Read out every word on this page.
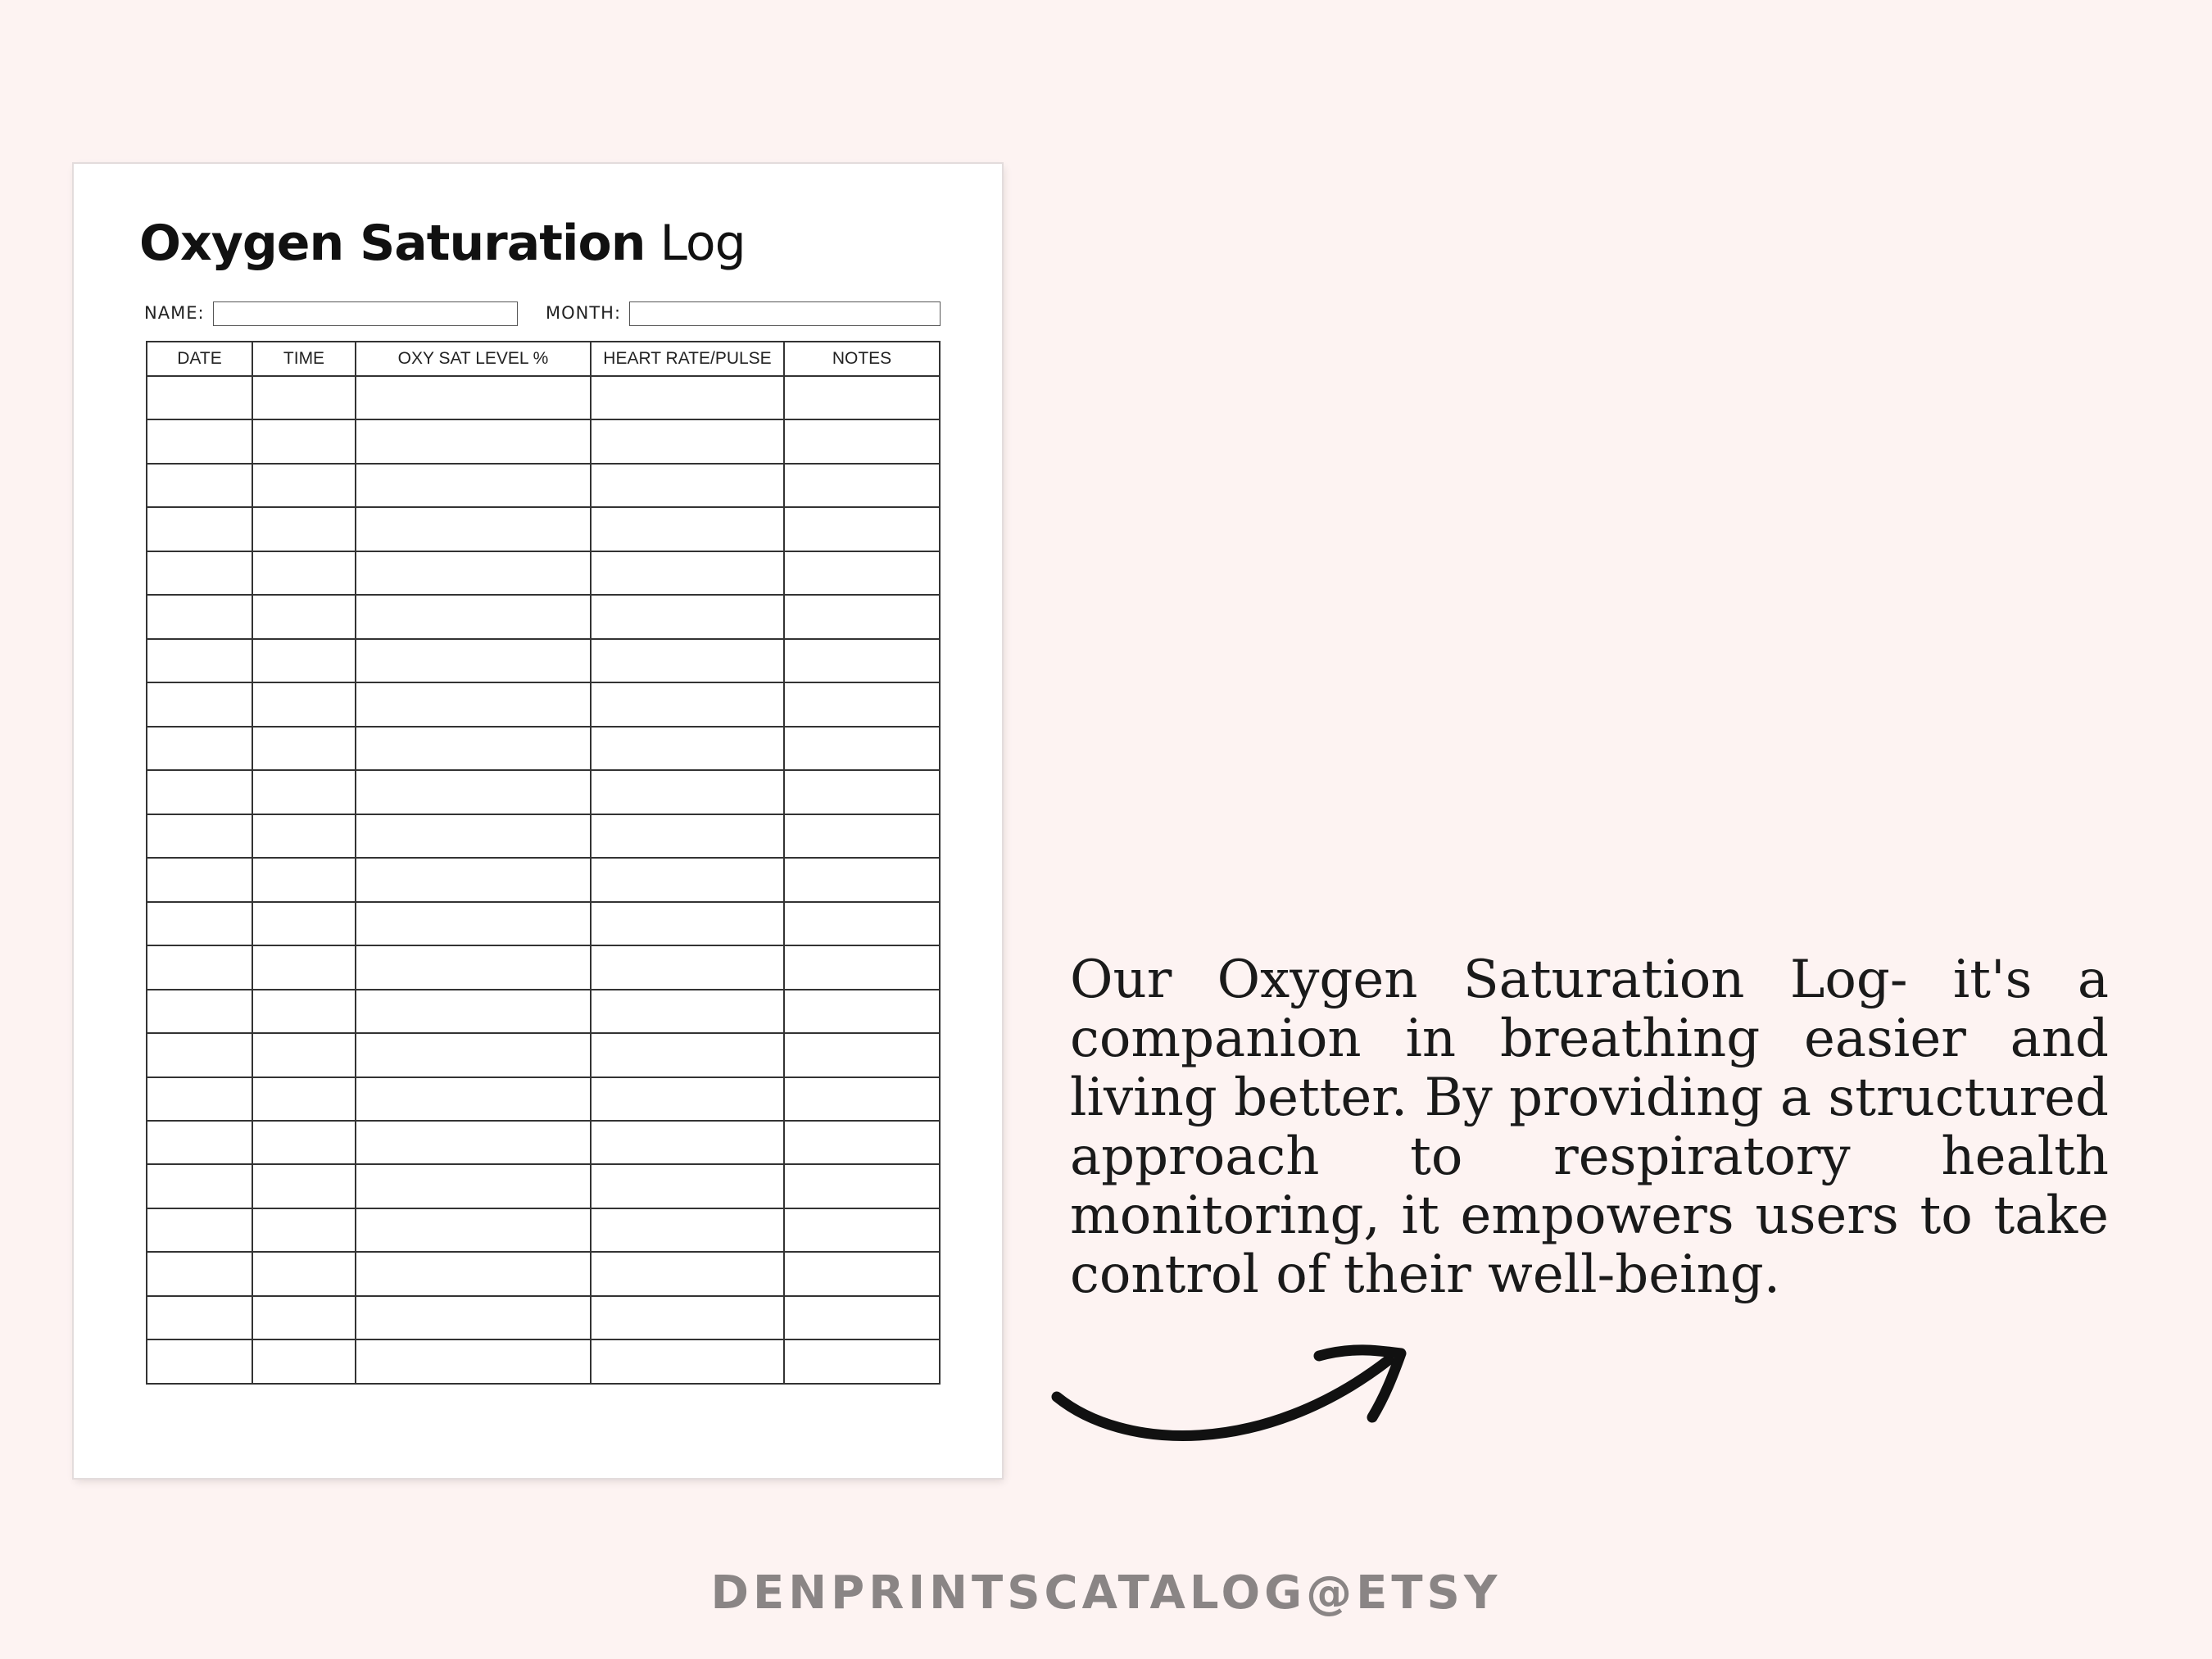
Oxygen Saturation Log
NAME:	MONTH:
DATE	TIME	OXY SAT LEVEL %	HEART RATE/PULSE	NOTES

Our Oxygen Saturation Log- it's a companion in breathing easier and living better. By providing a structured approach to respiratory health monitoring, it empowers users to take control of their well-being.

DENPRINTSCATALOG@ETSY
